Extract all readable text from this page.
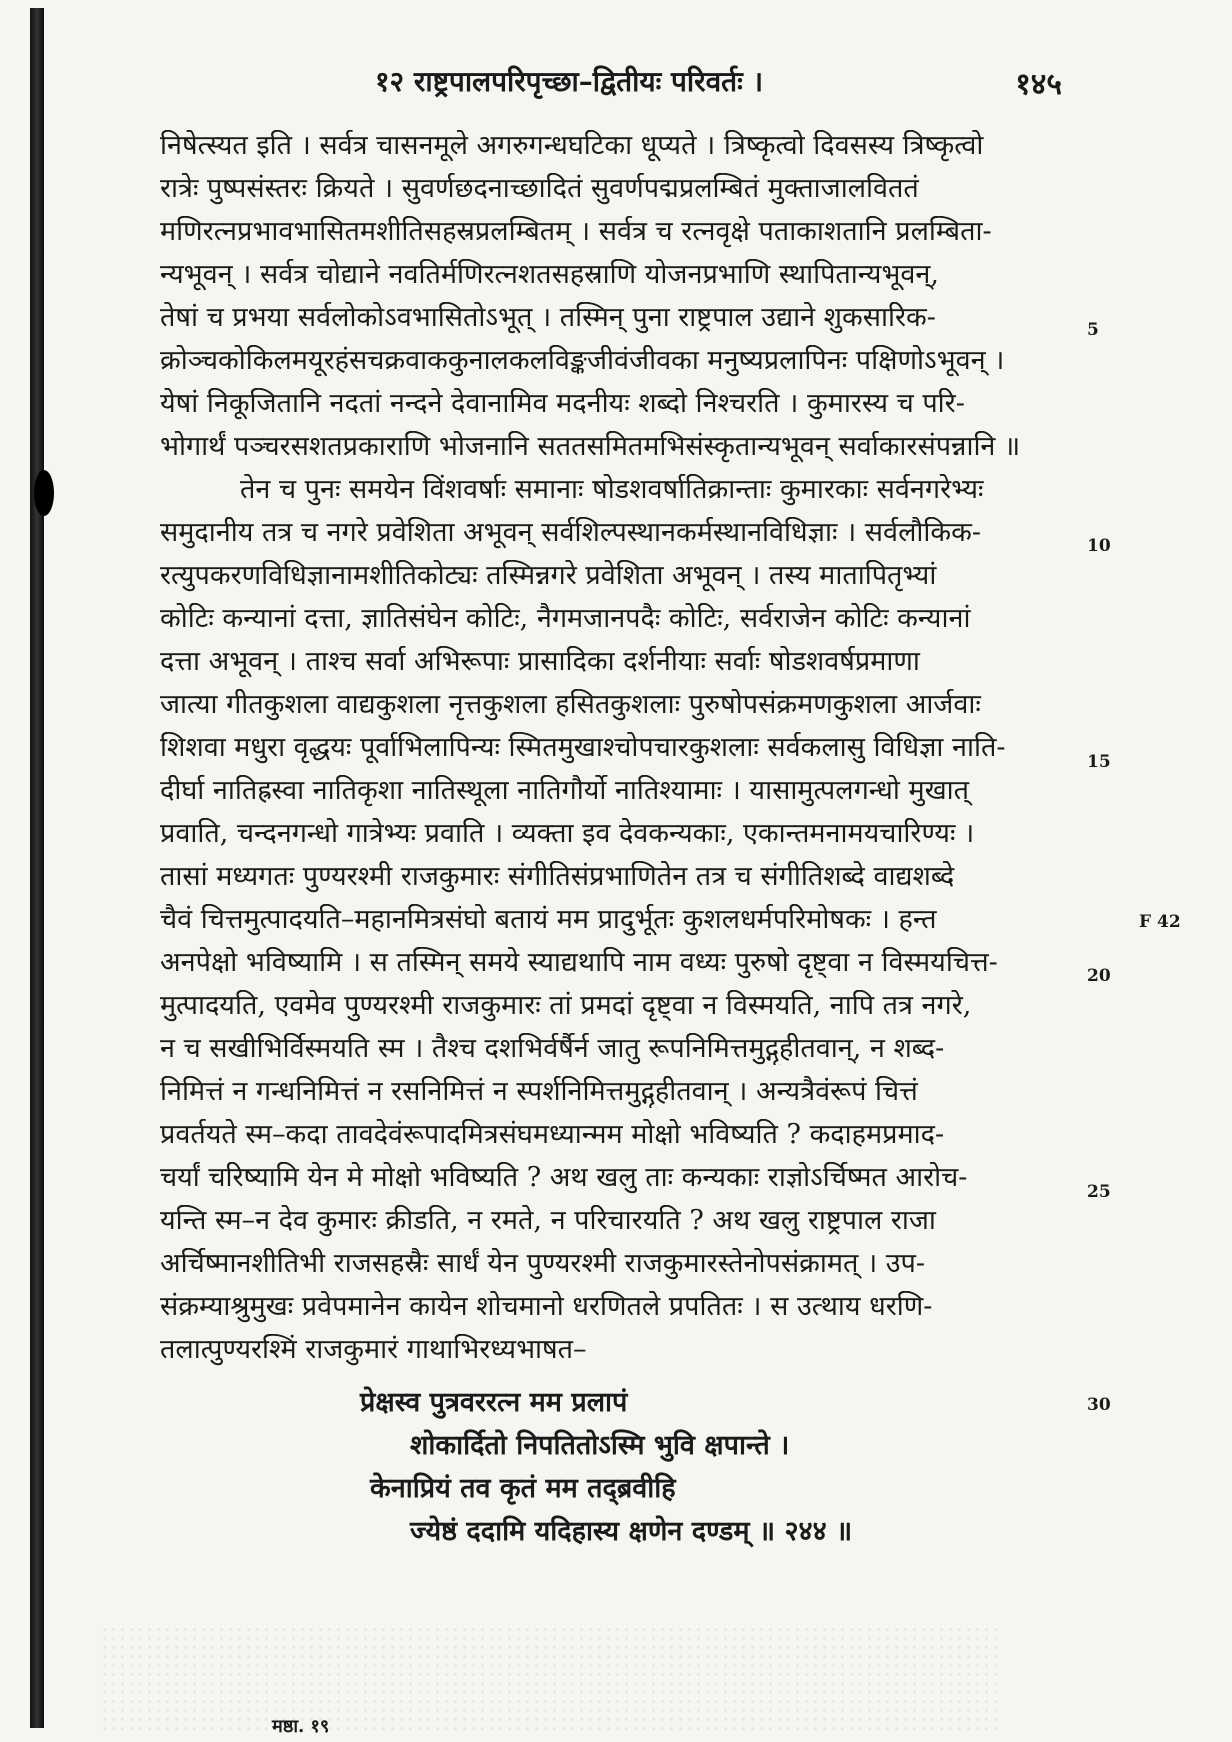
१२ राष्ट्रपालपरिपृच्छा–द्वितीयः परिवर्तः ।	१४५
निषेत्स्यत इति । सर्वत्र चासनमूले अगरुगन्धघटिका धूप्यते । त्रिष्कृत्वो दिवसस्य त्रिष्कृत्वो
रात्रेः पुष्पसंस्तरः क्रियते । सुवर्णछदनाच्छादितं सुवर्णपद्मप्रलम्बितं मुक्ताजालविततं
मणिरत्नप्रभावभासितमशीतिसहस्रप्रलम्बितम् । सर्वत्र च रत्नवृक्षे पताकाशतानि प्रलम्बिता-
न्यभूवन् । सर्वत्र चोद्याने नवतिर्मणिरत्नशतसहस्राणि योजनप्रभाणि स्थापितान्यभूवन्,
तेषां च प्रभया सर्वलोकोऽवभासितोऽभूत् । तस्मिन् पुना राष्ट्रपाल उद्याने शुकसारिक-
क्रोञ्चकोकिलमयूरहंसचक्रवाककुनालकलविङ्कजीवंजीवका मनुष्यप्रलापिनः पक्षिणोऽभूवन् ।
येषां निकूजितानि नदतां नन्दने देवानामिव मदनीयः शब्दो निश्चरति । कुमारस्य च परि-
भोगार्थं पञ्चरसशतप्रकाराणि भोजनानि सततसमितमभिसंस्कृतान्यभूवन् सर्वाकारसंपन्नानि ॥
तेन च पुनः समयेन विंशवर्षाः समानाः षोडशवर्षातिक्रान्ताः कुमारकाः सर्वनगरेभ्यः
समुदानीय तत्र च नगरे प्रवेशिता अभूवन् सर्वशिल्पस्थानकर्मस्थानविधिज्ञाः । सर्वलौकिक-
रत्युपकरणविधिज्ञानामशीतिकोट्यः तस्मिन्नगरे प्रवेशिता अभूवन् । तस्य मातापितृभ्यां
कोटिः कन्यानां दत्ता, ज्ञातिसंघेन कोटिः, नैगमजानपदैः कोटिः, सर्वराजेन कोटिः कन्यानां
दत्ता अभूवन् । ताश्च सर्वा अभिरूपाः प्रासादिका दर्शनीयाः सर्वाः षोडशवर्षप्रमाणा
जात्या गीतकुशला वाद्यकुशला नृत्तकुशला हसितकुशलाः पुरुषोपसंक्रमणकुशला आर्जवाः
शिशवा मधुरा वृद्धयः पूर्वाभिलापिन्यः स्मितमुखाश्चोपचारकुशलाः सर्वकलासु विधिज्ञा नाति-
दीर्घा नातिह्रस्वा नातिकृशा नातिस्थूला नातिगौर्यो नातिश्यामाः । यासामुत्पलगन्धो मुखात्
प्रवाति, चन्दनगन्धो गात्रेभ्यः प्रवाति । व्यक्ता इव देवकन्यकाः, एकान्तमनामयचारिण्यः ।
तासां मध्यगतः पुण्यरश्मी राजकुमारः संगीतिसंप्रभाणितेन तत्र च संगीतिशब्दे वाद्यशब्दे
चैवं चित्तमुत्पादयति–महानमित्रसंघो बतायं मम प्रादुर्भूतः कुशलधर्मपरिमोषकः । हन्त
अनपेक्षो भविष्यामि । स तस्मिन् समये स्याद्यथापि नाम वध्यः पुरुषो दृष्ट्वा न विस्मयचित्त-
मुत्पादयति, एवमेव पुण्यरश्मी राजकुमारः तां प्रमदां दृष्ट्वा न विस्मयति, नापि तत्र नगरे,
न च सखीभिर्विस्मयति स्म । तैश्च दशभिर्वर्षैर्न जातु रूपनिमित्तमुद्गृहीतवान्, न शब्द-
निमित्तं न गन्धनिमित्तं न रसनिमित्तं न स्पर्शनिमित्तमुद्गृहीतवान् । अन्यत्रैवंरूपं चित्तं
प्रवर्तयते स्म–कदा तावदेवंरूपादमित्रसंघमध्यान्मम मोक्षो भविष्यति ? कदाहमप्रमाद-
चर्यां चरिष्यामि येन मे मोक्षो भविष्यति ? अथ खलु ताः कन्यकाः राज्ञोऽर्चिष्मत आरोच-
यन्ति स्म–न देव कुमारः क्रीडति, न रमते, न परिचारयति ? अथ खलु राष्ट्रपाल राजा
अर्चिष्मानशीतिभी राजसहस्रैः सार्धं येन पुण्यरश्मी राजकुमारस्तेनोपसंक्रामत् । उप-
संक्रम्याश्रुमुखः प्रवेपमानेन कायेन शोचमानो धरणितले प्रपतितः । स उत्थाय धरणि-
तलात्पुण्यरश्मिं राजकुमारं गाथाभिरध्यभाषत–
5
10
15
20
25
30
F 42
प्रेक्षस्व पुत्रवररत्न मम प्रलापं
शोकार्दितो निपतितोऽस्मि भुवि क्षपान्ते ।
केनाप्रियं तव कृतं मम तद्ब्रवीहि
ज्येष्ठं ददामि यदिहास्य क्षणेन दण्डम् ॥ २४४ ॥
मष्ठा. १९
